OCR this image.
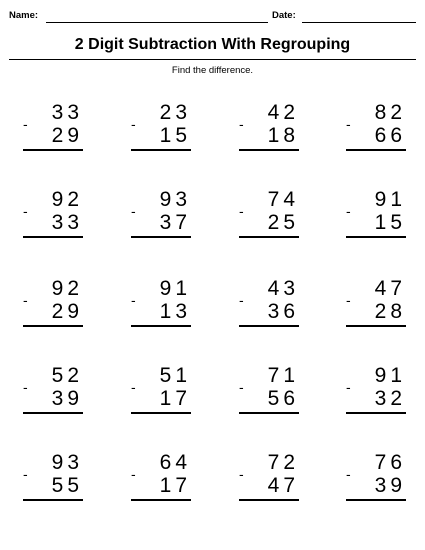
Name:	Date:
2 Digit Subtraction With Regrouping
Find the difference.
33
-	29
23
-	15
42
-	18
82
-	66
92
-	33
93
-	37
74
-	25
91
-	15
92
-	29
91
-	13
43
-	36
47
-	28
52
-	39
51
-	17
71
-	56
91
-	32
93
-	55
64
-	17
72
-	47
76
-	39
